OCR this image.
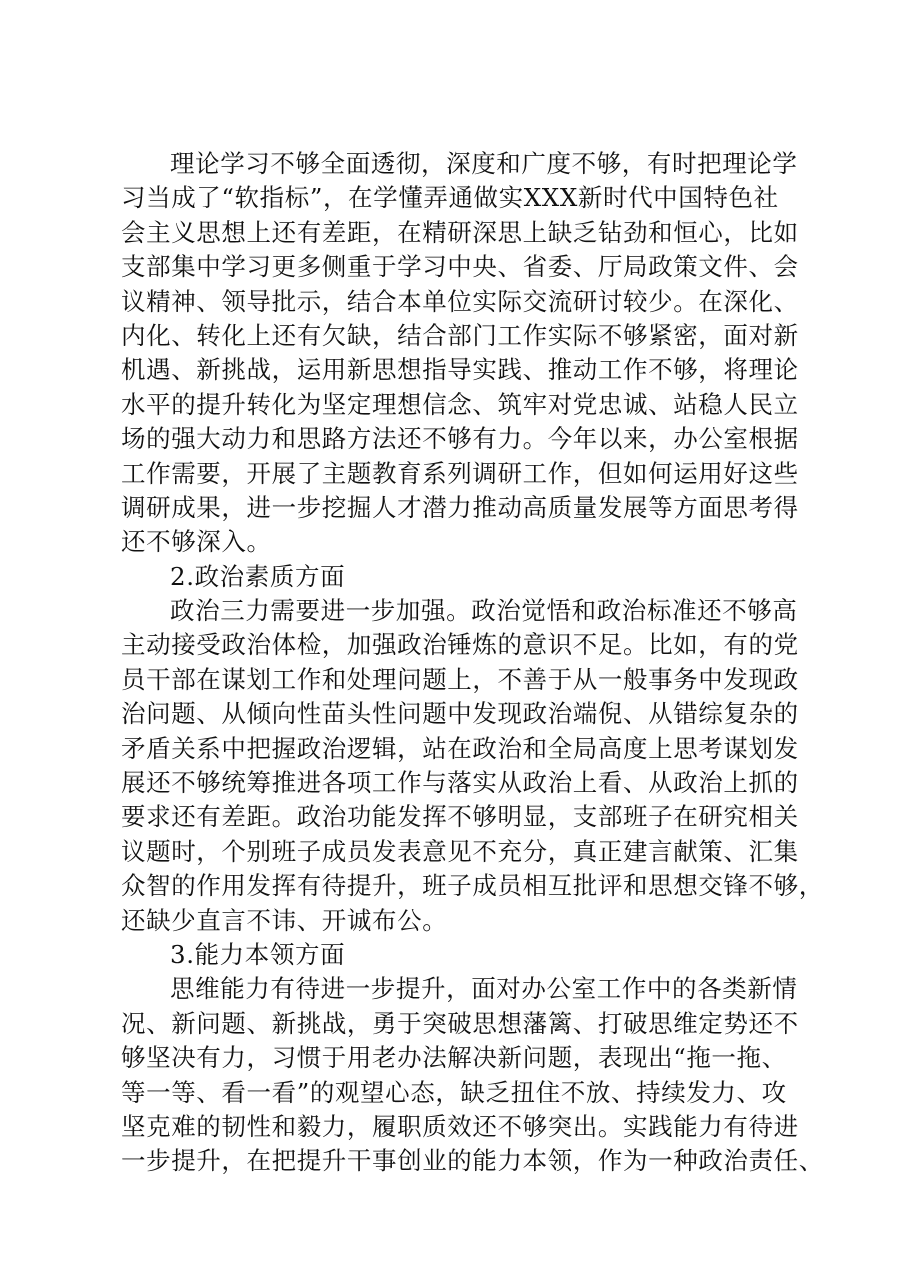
理论学习不够全面透彻，深度和广度不够，有时把理论学
习当成了“软指标”，在学懂弄通做实XXX新时代中国特色社
会主义思想上还有差距，在精研深思上缺乏钻劲和恒心，比如
支部集中学习更多侧重于学习中央、省委、厅局政策文件、会
议精神、领导批示，结合本单位实际交流研讨较少。在深化、
内化、转化上还有欠缺，结合部门工作实际不够紧密，面对新
机遇、新挑战，运用新思想指导实践、推动工作不够，将理论
水平的提升转化为坚定理想信念、筑牢对党忠诚、站稳人民立
场的强大动力和思路方法还不够有力。今年以来，办公室根据
工作需要，开展了主题教育系列调研工作，但如何运用好这些
调研成果，进一步挖掘人才潜力推动高质量发展等方面思考得
还不够深入。
2.政治素质方面
政治三力需要进一步加强。政治觉悟和政治标准还不够高
主动接受政治体检，加强政治锤炼的意识不足。比如，有的党
员干部在谋划工作和处理问题上，不善于从一般事务中发现政
治问题、从倾向性苗头性问题中发现政治端倪、从错综复杂的
矛盾关系中把握政治逻辑，站在政治和全局高度上思考谋划发
展还不够统筹推进各项工作与落实从政治上看、从政治上抓的
要求还有差距。政治功能发挥不够明显，支部班子在研究相关
议题时，个别班子成员发表意见不充分，真正建言献策、汇集
众智的作用发挥有待提升，班子成员相互批评和思想交锋不够，
还缺少直言不讳、开诚布公。
3.能力本领方面
思维能力有待进一步提升，面对办公室工作中的各类新情
况、新问题、新挑战，勇于突破思想藩篱、打破思维定势还不
够坚决有力，习惯于用老办法解决新问题，表现出“拖一拖、
等一等、看一看”的观望心态，缺乏扭住不放、持续发力、攻
坚克难的韧性和毅力，履职质效还不够突出。实践能力有待进
一步提升，在把提升干事创业的能力本领，作为一种政治责任、
